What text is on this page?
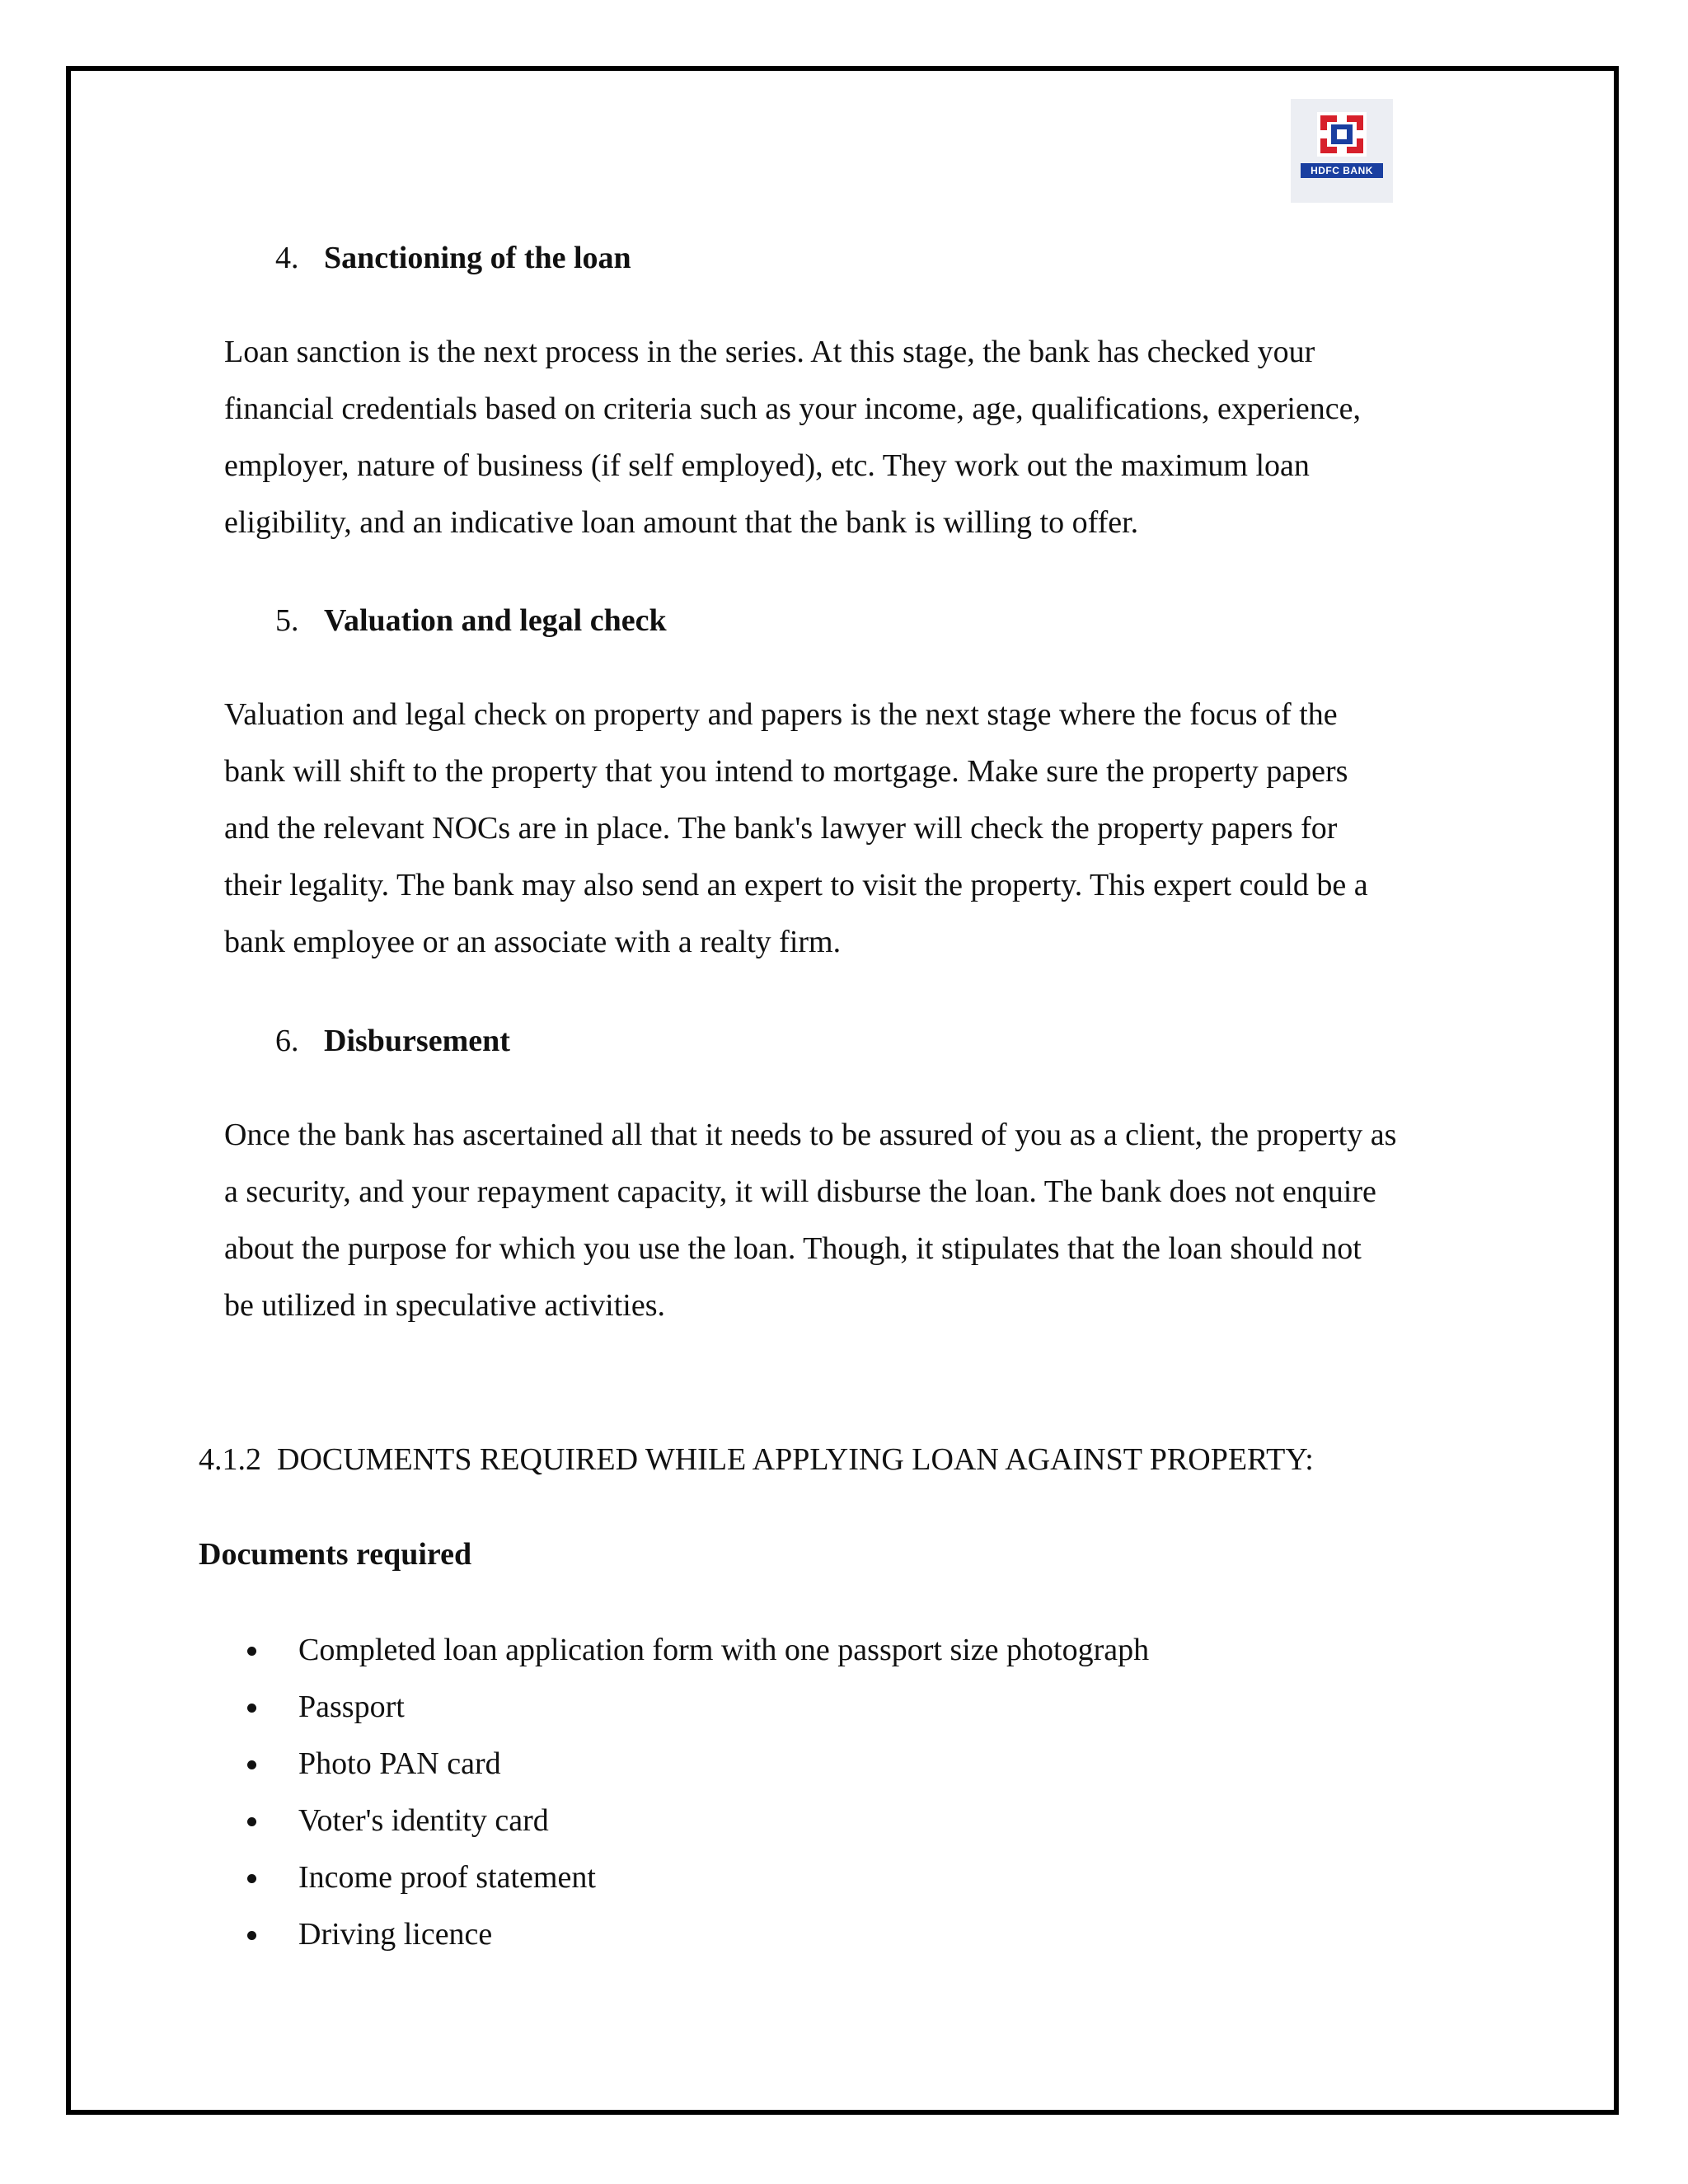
HDFC BANK
4. Sanctioning of the loan
Loan sanction is the next process in the series. At this stage, the bank has checked your
financial credentials based on criteria such as your income, age, qualifications, experience,
employer, nature of business (if self employed), etc. They work out the maximum loan
eligibility, and an indicative loan amount that the bank is willing to offer.
5. Valuation and legal check
Valuation and legal check on property and papers is the next stage where the focus of the
bank will shift to the property that you intend to mortgage. Make sure the property papers
and the relevant NOCs are in place. The bank's lawyer will check the property papers for
their legality. The bank may also send an expert to visit the property. This expert could be a
bank employee or an associate with a realty firm.
6. Disbursement
Once the bank has ascertained all that it needs to be assured of you as a client, the property as
a security, and your repayment capacity, it will disburse the loan. The bank does not enquire
about the purpose for which you use the loan. Though, it stipulates that the loan should not
be utilized in speculative activities.
4.1.2  DOCUMENTS REQUIRED WHILE APPLYING LOAN AGAINST PROPERTY:
Documents required
Completed loan application form with one passport size photograph
Passport
Photo PAN card
Voter's identity card
Income proof statement
Driving licence
